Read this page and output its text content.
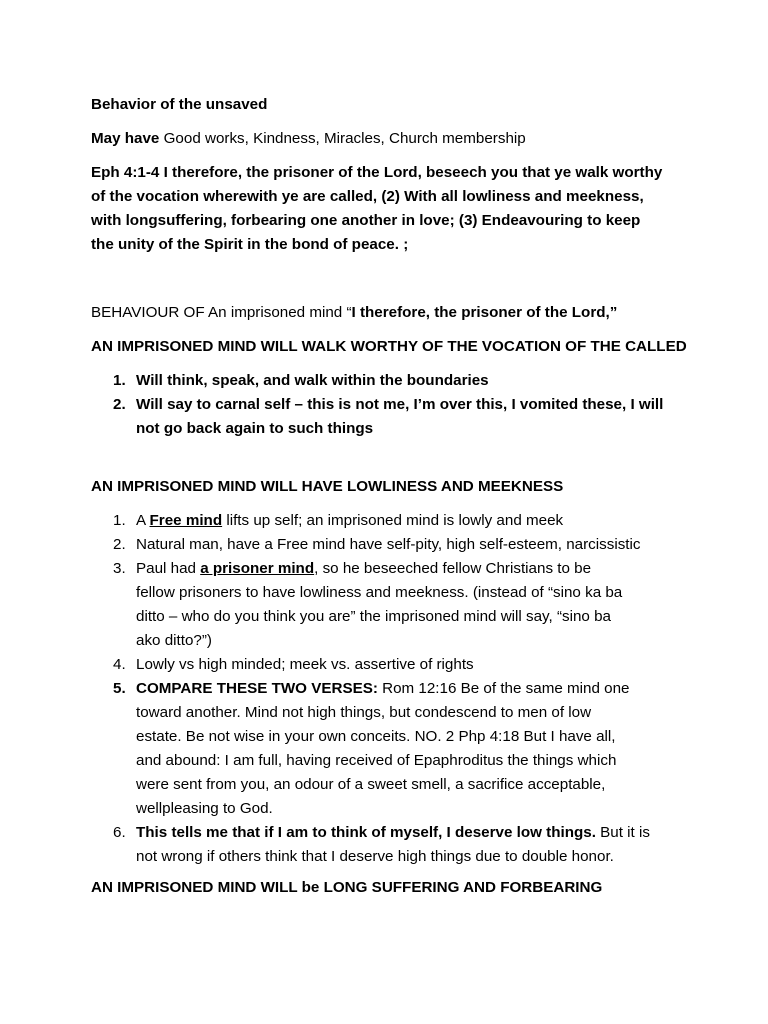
Behavior of the unsaved
May have Good works, Kindness, Miracles, Church membership
Eph 4:1-4 I therefore, the prisoner of the Lord, beseech you that ye walk worthy
of the vocation wherewith ye are called, (2) With all lowliness and meekness,
with longsuffering, forbearing one another in love; (3) Endeavouring to keep
the unity of the Spirit in the bond of peace. ;
BEHAVIOUR OF An imprisoned mind “I therefore, the prisoner of the Lord,”
AN IMPRISONED MIND WILL WALK WORTHY OF THE VOCATION OF THE CALLED
1. Will think, speak, and walk within the boundaries
2. Will say to carnal self – this is not me, I’m over this, I vomited these, I will
not go back again to such things
AN IMPRISONED MIND WILL HAVE LOWLINESS AND MEEKNESS
1. A Free mind lifts up self; an imprisoned mind is lowly and meek
2. Natural man, have a Free mind have self-pity, high self-esteem, narcissistic
3. Paul had a prisoner mind, so he beseeched fellow Christians to be
fellow prisoners to have lowliness and meekness. (instead of “sino ka ba
ditto – who do you think you are” the imprisoned mind will say, “sino ba
ako ditto?”)
4. Lowly vs high minded; meek vs. assertive of rights
5. COMPARE THESE TWO VERSES: Rom 12:16 Be of the same mind one
toward another. Mind not high things, but condescend to men of low
estate. Be not wise in your own conceits. NO. 2 Php 4:18 But I have all,
and abound: I am full, having received of Epaphroditus the things which
were sent from you, an odour of a sweet smell, a sacrifice acceptable,
wellpleasing to God.
6. This tells me that if I am to think of myself, I deserve low things. But it is
not wrong if others think that I deserve high things due to double honor.
AN IMPRISONED MIND WILL be LONG SUFFERING AND FORBEARING
